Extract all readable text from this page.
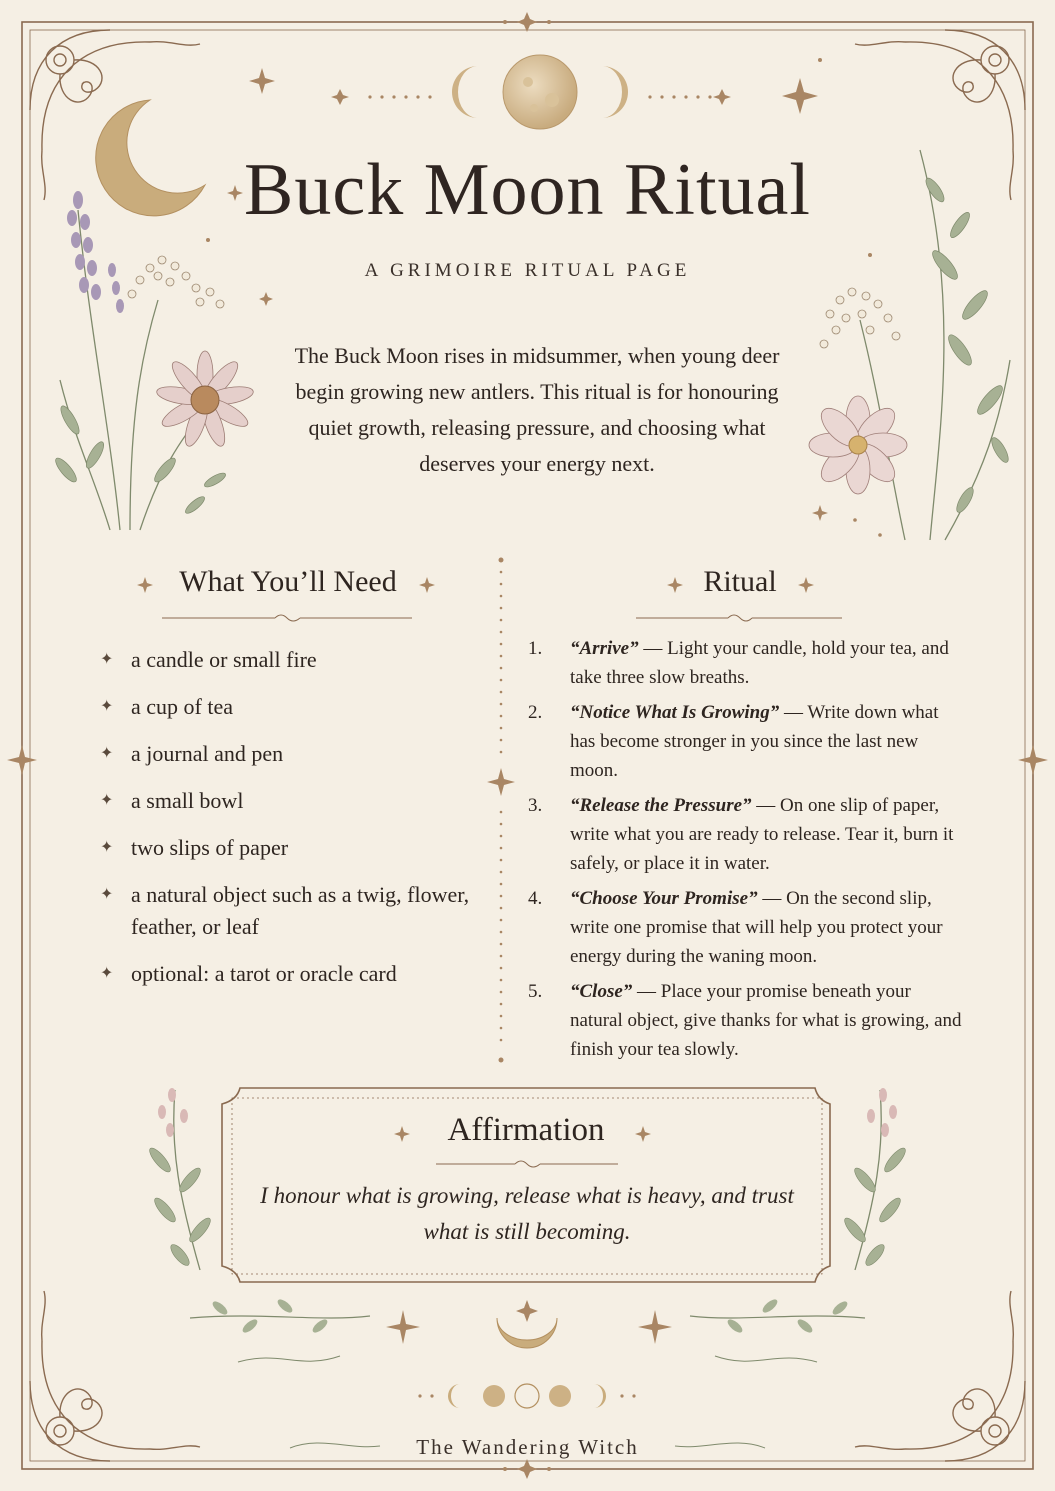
Buck Moon Ritual
A GRIMOIRE RITUAL PAGE
The Buck Moon rises in midsummer, when young deer begin growing new antlers. This ritual is for honouring quiet growth, releasing pressure, and choosing what deserves your energy next.
What You’ll Need
✦ a candle or small fire
✦ a cup of tea
✦ a journal and pen
✦ a small bowl
✦ two slips of paper
✦ a natural object such as a twig, flower, feather, or leaf
✦ optional: a tarot or oracle card
Ritual
1. “Arrive” — Light your candle, hold your tea, and take three slow breaths.
2. “Notice What Is Growing” — Write down what has become stronger in you since the last new moon.
3. “Release the Pressure” — On one slip of paper, write what you are ready to release. Tear it, burn it safely, or place it in water.
4. “Choose Your Promise” — On the second slip, write one promise that will help you protect your energy during the waning moon.
5. “Close” — Place your promise beneath your natural object, give thanks for what is growing, and finish your tea slowly.
Affirmation
I honour what is growing, release what is heavy, and trust what is still becoming.
The Wandering Witch
